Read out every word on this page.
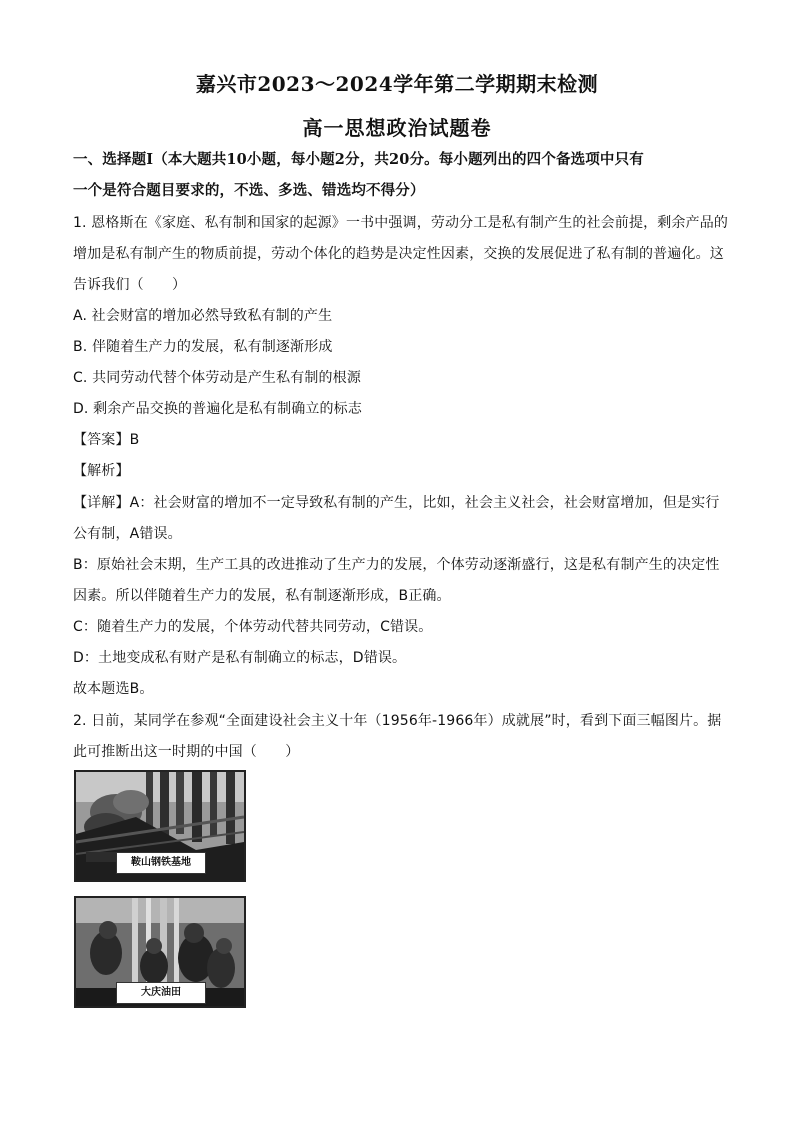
嘉兴市2023～2024学年第二学期期末检测
高一思想政治试题卷
一、选择题Ⅰ（本大题共10小题，每小题2分，共20分。每小题列出的四个备选项中只有
一个是符合题目要求的，不选、多选、错选均不得分）
1. 恩格斯在《家庭、私有制和国家的起源》一书中强调，劳动分工是私有制产生的社会前提，剩余产品的
增加是私有制产生的物质前提，劳动个体化的趋势是决定性因素，交换的发展促进了私有制的普遍化。这
告诉我们（　　）
A. 社会财富的增加必然导致私有制的产生
B. 伴随着生产力的发展，私有制逐渐形成
C. 共同劳动代替个体劳动是产生私有制的根源
D. 剩余产品交换的普遍化是私有制确立的标志
【答案】B
【解析】
【详解】A：社会财富的增加不一定导致私有制的产生，比如，社会主义社会，社会财富增加，但是实行
公有制，A错误。
B：原始社会末期，生产工具的改进推动了生产力的发展，个体劳动逐渐盛行，这是私有制产生的决定性
因素。所以伴随着生产力的发展，私有制逐渐形成，B正确。
C：随着生产力的发展，个体劳动代替共同劳动，C错误。
D：土地变成私有财产是私有制确立的标志，D错误。
故本题选B。
2. 日前，某同学在参观“全面建设社会主义十年（1956年-1966年）成就展”时，看到下面三幅图片。据
此可推断出这一时期的中国（　　）
鞍山钢铁基地
大庆油田
